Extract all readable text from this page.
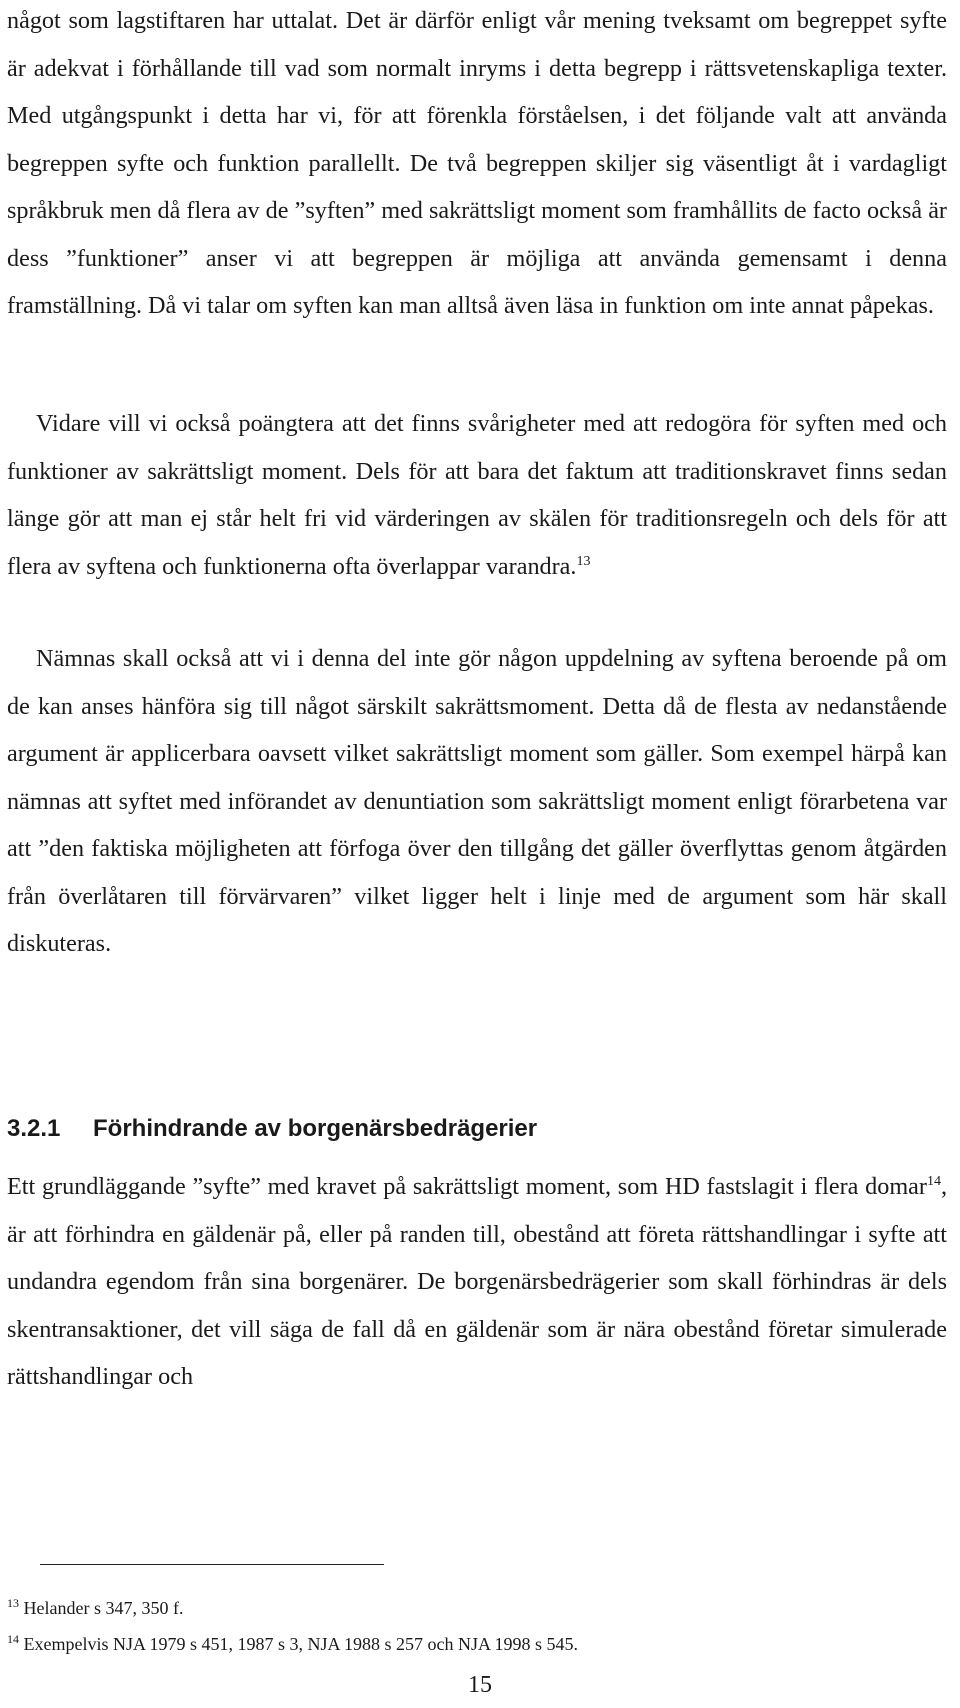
något som lagstiftaren har uttalat. Det är därför enligt vår mening tveksamt om begreppet syfte är adekvat i förhållande till vad som normalt inryms i detta begrepp i rättsvetenskapliga texter. Med utgångspunkt i detta har vi, för att förenkla förståelsen, i det följande valt att använda begreppen syfte och funktion parallellt. De två begreppen skiljer sig väsentligt åt i vardagligt språkbruk men då flera av de ”syften” med sakrättsligt moment som framhållits de facto också är dess ”funktioner” anser vi att begreppen är möjliga att använda gemensamt i denna framställning. Då vi talar om syften kan man alltså även läsa in funktion om inte annat påpekas.

Vidare vill vi också poängtera att det finns svårigheter med att redogöra för syften med och funktioner av sakrättsligt moment. Dels för att bara det faktum att traditionskravet finns sedan länge gör att man ej står helt fri vid värderingen av skälen för traditionsregeln och dels för att flera av syftena och funktionerna ofta överlappar varandra.$^{13}$

Nämnas skall också att vi i denna del inte gör någon uppdelning av syftena beroende på om de kan anses hänföra sig till något särskilt sakrättsmoment. Detta då de flesta av nedanstående argument är applicerbara oavsett vilket sakrättsligt moment som gäller. Som exempel härpå kan nämnas att syftet med införandet av denuntiation som sakrättsligt moment enligt förarbetena var att ”den faktiska möjligheten att förfoga över den tillgång det gäller överflyttas genom åtgärden från överlåtaren till förvärvaren” vilket ligger helt i linje med de argument som här skall diskuteras.

3.2.1 Förhindrande av borgenärsbedrägerier

Ett grundläggande ”syfte” med kravet på sakrättsligt moment, som HD fastslagit i flera domar$^{14}$, är att förhindra en gäldenär på, eller på randen till, obestånd att företa rättshandlingar i syfte att undandra egendom från sina borgenärer. De borgenärsbedrägerier som skall förhindras är dels skentransaktioner, det vill säga de fall då en gäldenär som är nära obestånd företar simulerade rättshandlingar och

$^{13}$ Helander s 347, 350 f.

$^{14}$ Exempelvis NJA 1979 s 451, 1987 s 3, NJA 1988 s 257 och NJA 1998 s 545.

15
